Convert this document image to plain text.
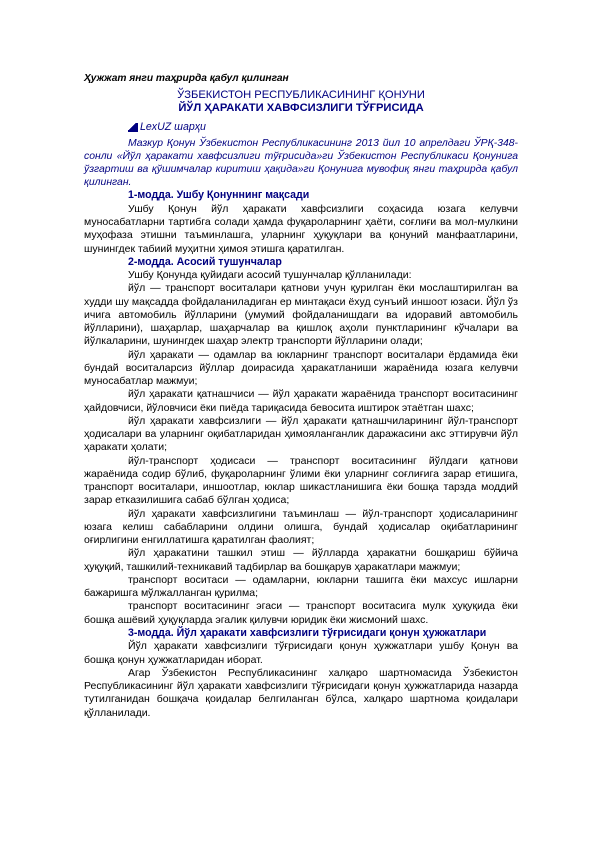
Ҳужжат янги таҳрирда қабул қилинган

ЎЗБЕКИСТОН РЕСПУБЛИКАСИНИНГ ҚОНУНИ

ЙЎЛ ҲАРАКАТИ ХАВФСИЗЛИГИ ТЎҒРИСИДА

LexUZ шарҳи

Мазкур Қонун Ўзбекистон Республикасининг 2013 йил 10 апрелдаги ЎРҚ-348-сонли «Йўл ҳаракати хавфсизлиги тўғрисида»ги Ўзбекистон Республикаси Қонунига ўзгартиш ва қўшимчалар киритиш ҳақида»ги Қонунига мувофиқ янги таҳрирда қабул қилинган.

1-модда. Ушбу Қонуннинг мақсади

Ушбу Қонун йўл ҳаракати хавфсизлиги соҳасида юзага келувчи муносабатларни тартибга солади ҳамда фуқароларнинг ҳаёти, соғлиғи ва мол-мулкини муҳофаза этишни таъминлашга, уларнинг ҳуқуқлари ва қонуний манфаатларини, шунингдек табиий муҳитни ҳимоя этишга қаратилган.

2-модда. Асосий тушунчалар

Ушбу Қонунда қуйидаги асосий тушунчалар қўлланилади:

йўл — транспорт воситалари қатнови учун қурилган ёки мослаштирилган ва худди шу мақсадда фойдаланиладиган ер минтақаси ёхуд сунъий иншоот юзаси. Йўл ўз ичига автомобиль йўлларини (умумий фойдаланишдаги ва идоравий автомобиль йўлларини), шаҳарлар, шаҳарчалар ва қишлоқ аҳоли пунктларининг кўчалари ва йўлкаларини, шунингдек шаҳар электр транспорти йўлларини олади;

йўл ҳаракати — одамлар ва юкларнинг транспорт воситалари ёрдамида ёки бундай воситаларсиз йўллар доирасида ҳаракатланиши жараёнида юзага келувчи муносабатлар мажмуи;

йўл ҳаракати қатнашчиси — йўл ҳаракати жараёнида транспорт воситасининг ҳайдовчиси, йўловчиси ёки пиёда тариқасида бевосита иштирок этаётган шахс;

йўл ҳаракати хавфсизлиги — йўл ҳаракати қатнашчиларининг йўл-транспорт ҳодисалари ва уларнинг оқибатларидан ҳимояланганлик даражасини акс эттирувчи йўл ҳаракати ҳолати;

йўл-транспорт ҳодисаси — транспорт воситасининг йўлдаги қатнови жараёнида содир бўлиб, фуқароларнинг ўлими ёки уларнинг соғлиғига зарар етишига, транспорт воситалари, иншоотлар, юклар шикастланишига ёки бошқа тарзда моддий зарар етказилишига сабаб бўлган ҳодиса;

йўл ҳаракати хавфсизлигини таъминлаш — йўл-транспорт ҳодисаларининг юзага келиш сабабларини олдини олишга, бундай ҳодисалар оқибатларининг оғирлигини енгиллатишга қаратилган фаолият;

йўл ҳаракатини ташкил этиш — йўлларда ҳаракатни бошқариш бўйича ҳуқуқий, ташкилий-техникавий тадбирлар ва бошқарув ҳаракатлари мажмуи;

транспорт воситаси — одамларни, юкларни ташигга ёки махсус ишларни бажаришга мўлжалланган қурилма;

транспорт воситасининг эгаси — транспорт воситасига мулк ҳуқуқида ёки бошқа ашёвий ҳуқуқларда эгалик қилувчи юридик ёки жисмоний шахс.

3-модда. Йўл ҳаракати хавфсизлиги тўғрисидаги қонун ҳужжатлари

Йўл ҳаракати хавфсизлиги тўғрисидаги қонун ҳужжатлари ушбу Қонун ва бошқа қонун ҳужжатларидан иборат.

Агар Ўзбекистон Республикасининг халқаро шартномасида Ўзбекистон Республикасининг йўл ҳаракати хавфсизлиги тўғрисидаги қонун ҳужжатларида назарда тутилганидан бошқача қоидалар белгиланган бўлса, халқаро шартнома қоидалари қўлланилади.
